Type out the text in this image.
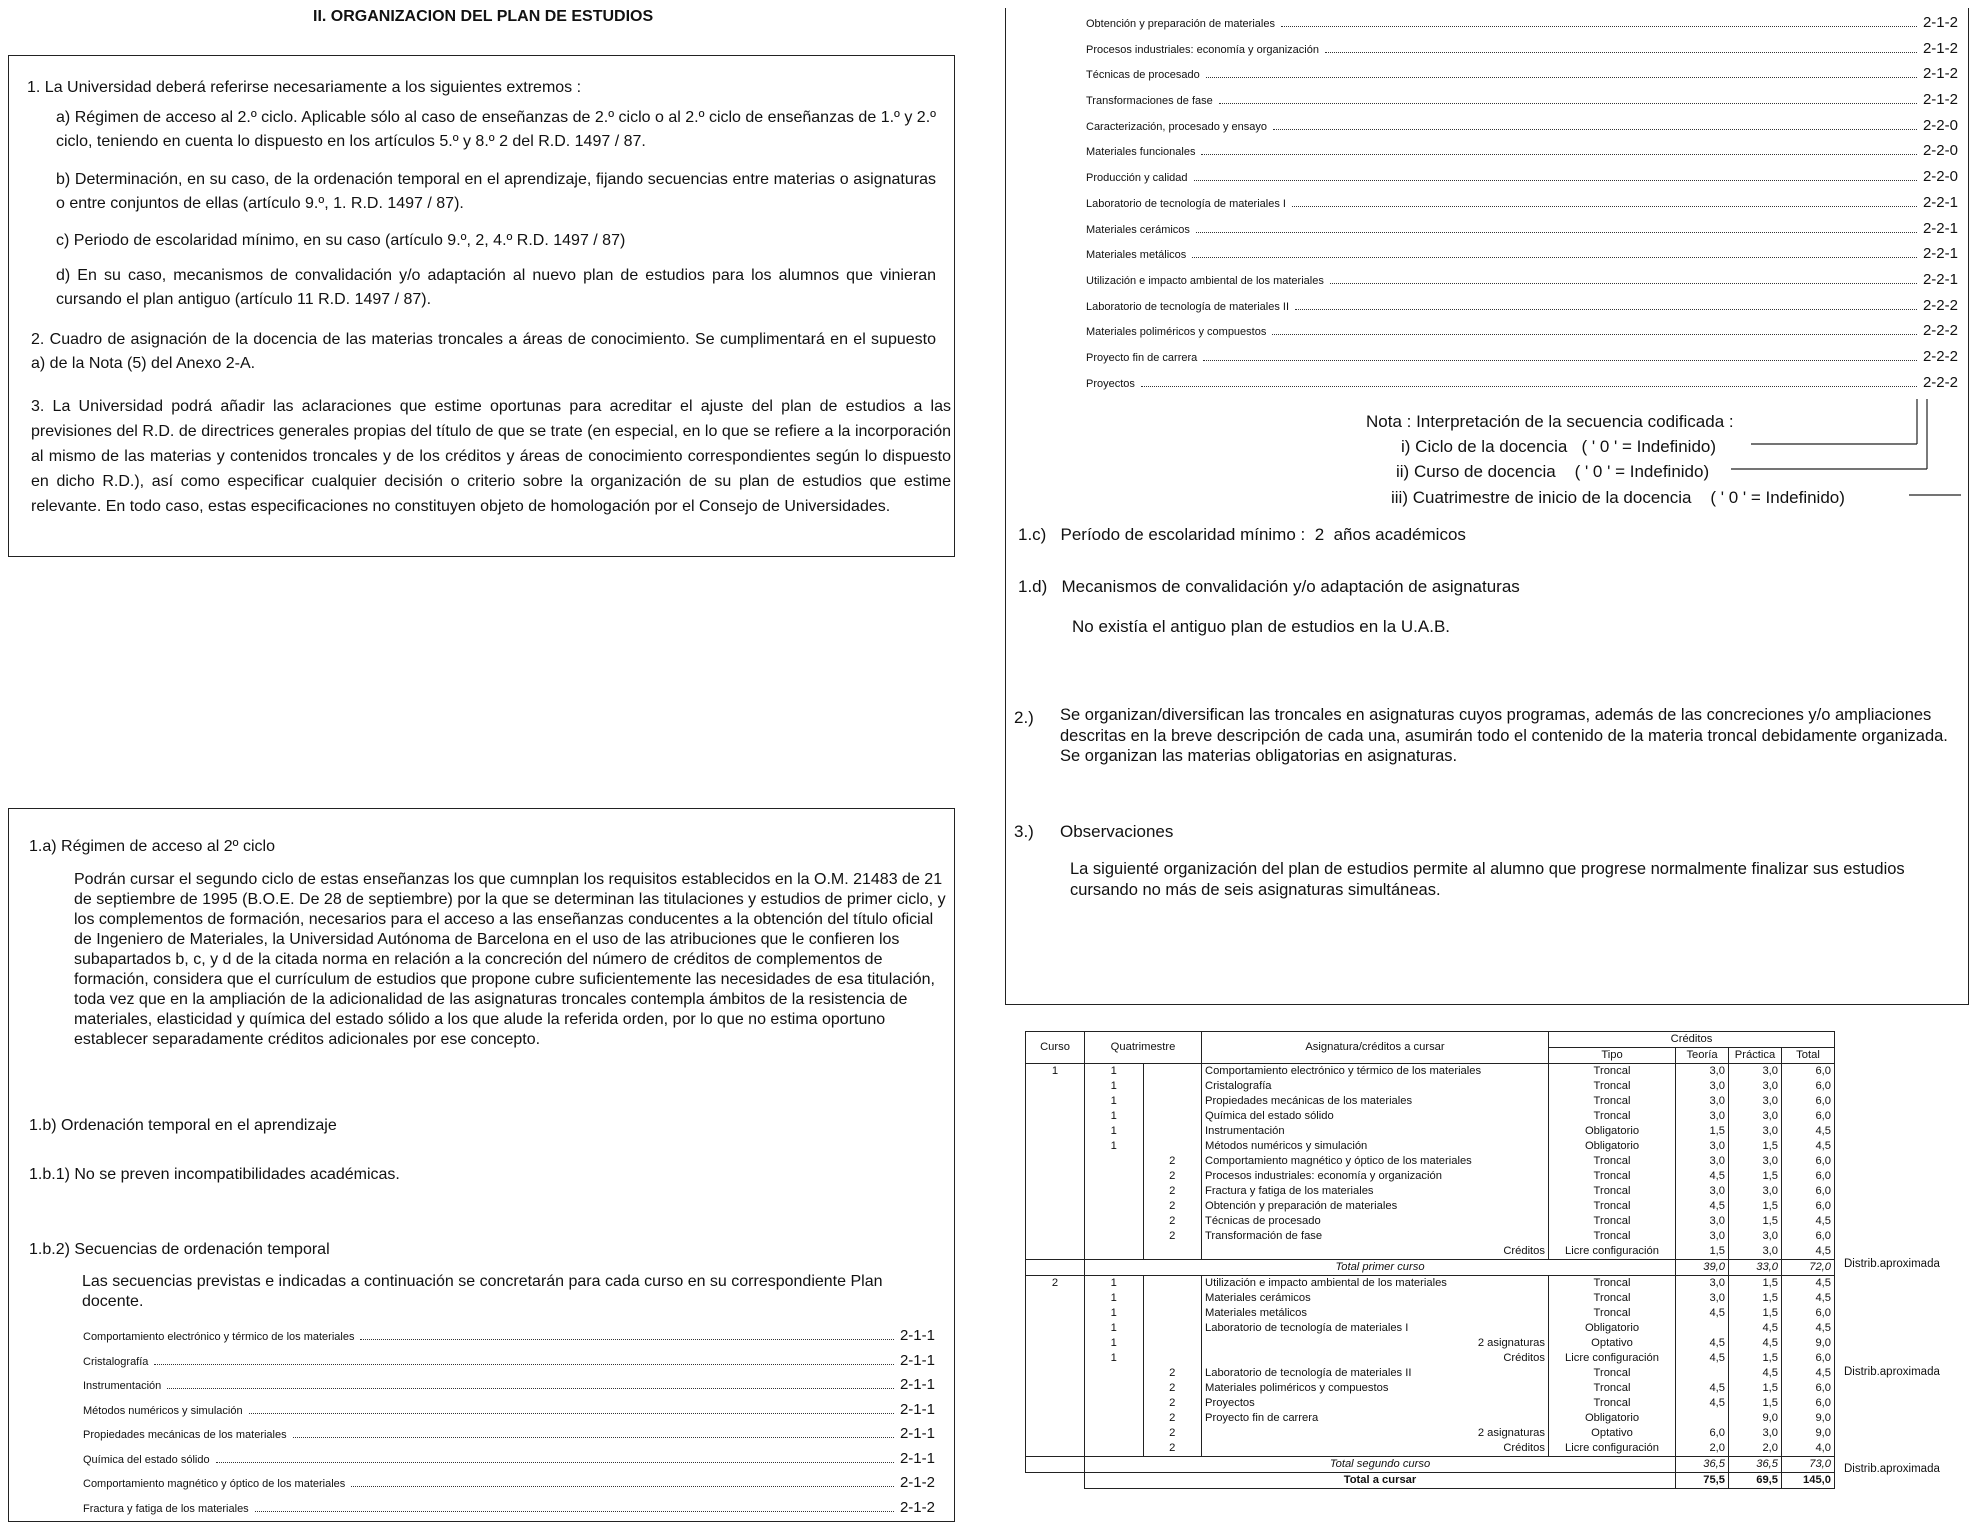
II. ORGANIZACION DEL PLAN DE ESTUDIOS
1. La Universidad deberá referirse necesariamente a los siguientes extremos :
a) Régimen de acceso al 2.º ciclo. Aplicable sólo al caso de enseñanzas de 2.º ciclo o al 2.º ciclo de enseñanzas de 1.º y 2.º ciclo, teniendo en cuenta lo dispuesto en los artículos 5.º y 8.º 2 del R.D. 1497 / 87.
b) Determinación, en su caso, de la ordenación temporal en el aprendizaje, fijando secuencias entre materias o asignaturas o entre conjuntos de ellas (artículo 9.º, 1. R.D. 1497 / 87).
c) Periodo de escolaridad mínimo, en su caso (artículo 9.º, 2, 4.º R.D. 1497 / 87)
d) En su caso, mecanismos de convalidación y/o adaptación al nuevo plan de estudios para los alumnos que vinieran cursando el plan antiguo (artículo 11 R.D. 1497 / 87).
2. Cuadro de asignación de la docencia de las materias troncales a áreas de conocimiento. Se cumplimentará en el supuesto a) de la Nota (5) del Anexo 2-A.
3. La Universidad podrá añadir las aclaraciones que estime oportunas para acreditar el ajuste del plan de estudios a las previsiones del R.D. de directrices generales propias del título de que se trate (en especial, en lo que se refiere a la incorporación al mismo de las materias y contenidos troncales y de los créditos y áreas de conocimiento correspondientes según lo dispuesto en dicho R.D.), así como especificar cualquier decisión o criterio sobre la organización de su plan de estudios que estime relevante. En todo caso, estas especificaciones no constituyen objeto de homologación por el Consejo de Universidades.
1.a) Régimen de acceso al 2º ciclo
Podrán cursar el segundo ciclo de estas enseñanzas los que cumnplan los requisitos establecidos en la O.M. 21483 de 21 de septiembre de 1995 (B.O.E. De 28 de septiembre) por la que se determinan las titulaciones y estudios de primer ciclo, y los complementos de formación, necesarios para el acceso a las enseñanzas conducentes a la obtención del título oficial de Ingeniero de Materiales, la Universidad Autónoma de Barcelona en el uso de las atribuciones que le confieren los subapartados b, c, y d de la citada norma en relación a la concreción del número de créditos de complementos de formación, considera que el currículum de estudios que propone cubre suficientemente las necesidades de esa titulación, toda vez que en la ampliación de la adicionalidad de las asignaturas troncales contempla ámbitos de la resistencia de materiales, elasticidad y química del estado sólido a los que alude la referida orden, por lo que no estima oportuno establecer separadamente créditos adicionales por ese concepto.
1.b) Ordenación temporal en el aprendizaje
1.b.1) No se preven incompatibilidades académicas.
1.b.2) Secuencias de ordenación temporal
Las secuencias previstas e indicadas a continuación se concretarán para cada curso en su correspondiente Plan docente.
Comportamiento electrónico y térmico de los materiales	2-1-1
Cristalografía	2-1-1
Instrumentación	2-1-1
Métodos numéricos y simulación	2-1-1
Propiedades mecánicas de los materiales	2-1-1
Química del estado sólido	2-1-1
Comportamiento magnético y óptico de los materiales	2-1-2
Fractura y fatiga de los materiales	2-1-2
Obtención y preparación de materiales	2-1-2
Procesos industriales: economía y organización	2-1-2
Técnicas de procesado	2-1-2
Transformaciones de fase	2-1-2
Caracterización, procesado y ensayo	2-2-0
Materiales funcionales	2-2-0
Producción y calidad	2-2-0
Laboratorio de tecnología de materiales I	2-2-1
Materiales cerámicos	2-2-1
Materiales metálicos	2-2-1
Utilización e impacto ambiental de los materiales	2-2-1
Laboratorio de tecnología de materiales II	2-2-2
Materiales poliméricos y compuestos	2-2-2
Proyecto fin de carrera	2-2-2
Proyectos	2-2-2
Nota : Interpretación de la secuencia codificada :
i) Ciclo de la docencia   ( ' 0 ' = Indefinido)
ii) Curso de docencia    ( ' 0 ' = Indefinido)
iii) Cuatrimestre de inicio de la docencia    ( ' 0 ' = Indefinido)
1.c)   Período de escolaridad mínimo :  2  años académicos
1.d)   Mecanismos de convalidación y/o adaptación de asignaturas
No existía el antiguo plan de estudios en la U.A.B.
2.) Se organizan/diversifican las troncales en asignaturas cuyos programas, además de las concreciones y/o ampliaciones descritas en la breve descripción de cada una, asumirán todo el contenido de la materia troncal debidamente organizada.

Se organizan las materias obligatorias en asignaturas.

3.) Observaciones
La siguienté organización del plan de estudios permite al alumno que progrese normalmente finalizar sus estudios cursando no más de seis asignaturas simultáneas.
Curso	Quatrimestre		Asignatura/créditos a cursar	Créditos			
				Tipo	Teoría	Práctica	Total
1	1		Comportamiento electrónico y térmico de los materiales	Troncal	3,0	3,0	6,0
	1		Cristalografía	Troncal	3,0	3,0	6,0
	1		Propiedades mecánicas de los materiales	Troncal	3,0	3,0	6,0
	1		Química del estado sólido	Troncal	3,0	3,0	6,0
	1		Instrumentación	Obligatorio	1,5	3,0	4,5
	1		Métodos numéricos y simulación	Obligatorio	3,0	1,5	4,5
		2	Comportamiento magnético y óptico de los materiales	Troncal	3,0	3,0	6,0
		2	Procesos industriales: economía y organización	Troncal	4,5	1,5	6,0
		2	Fractura y fatiga de los materiales	Troncal	3,0	3,0	6,0
		2	Obtención y preparación de materiales	Troncal	4,5	1,5	6,0
		2	Técnicas de procesado	Troncal	3,0	1,5	4,5
		2	Transformación de fase	Troncal	3,0	3,0	6,0
			Créditos	Licre configuración	1,5	3,0	4,5
	Total primer curso				39,0	33,0	72,0
2	1		Utilización e impacto ambiental de los materiales	Troncal	3,0	1,5	4,5
	1		Materiales cerámicos	Troncal	3,0	1,5	4,5
	1		Materiales metálicos	Troncal	4,5	1,5	6,0
	1		Laboratorio de tecnología de materiales I	Obligatorio		4,5	4,5
	1		2 asignaturas	Optativo	4,5	4,5	9,0
	1		Créditos	Licre configuración	4,5	1,5	6,0
		2	Laboratorio de tecnología de materiales II	Troncal		4,5	4,5
		2	Materiales poliméricos y compuestos	Troncal	4,5	1,5	6,0
		2	Proyectos	Troncal	4,5	1,5	6,0
		2	Proyecto fin de carrera	Obligatorio		9,0	9,0
		2	2 asignaturas	Optativo	6,0	3,0	9,0
		2	Créditos	Licre configuración	2,0	2,0	4,0
	Total segundo curso				36,5	36,5	73,0
	Total a cursar				75,5	69,5	145,0
Distrib.aproximada
Distrib.aproximada
Distrib.aproximada
